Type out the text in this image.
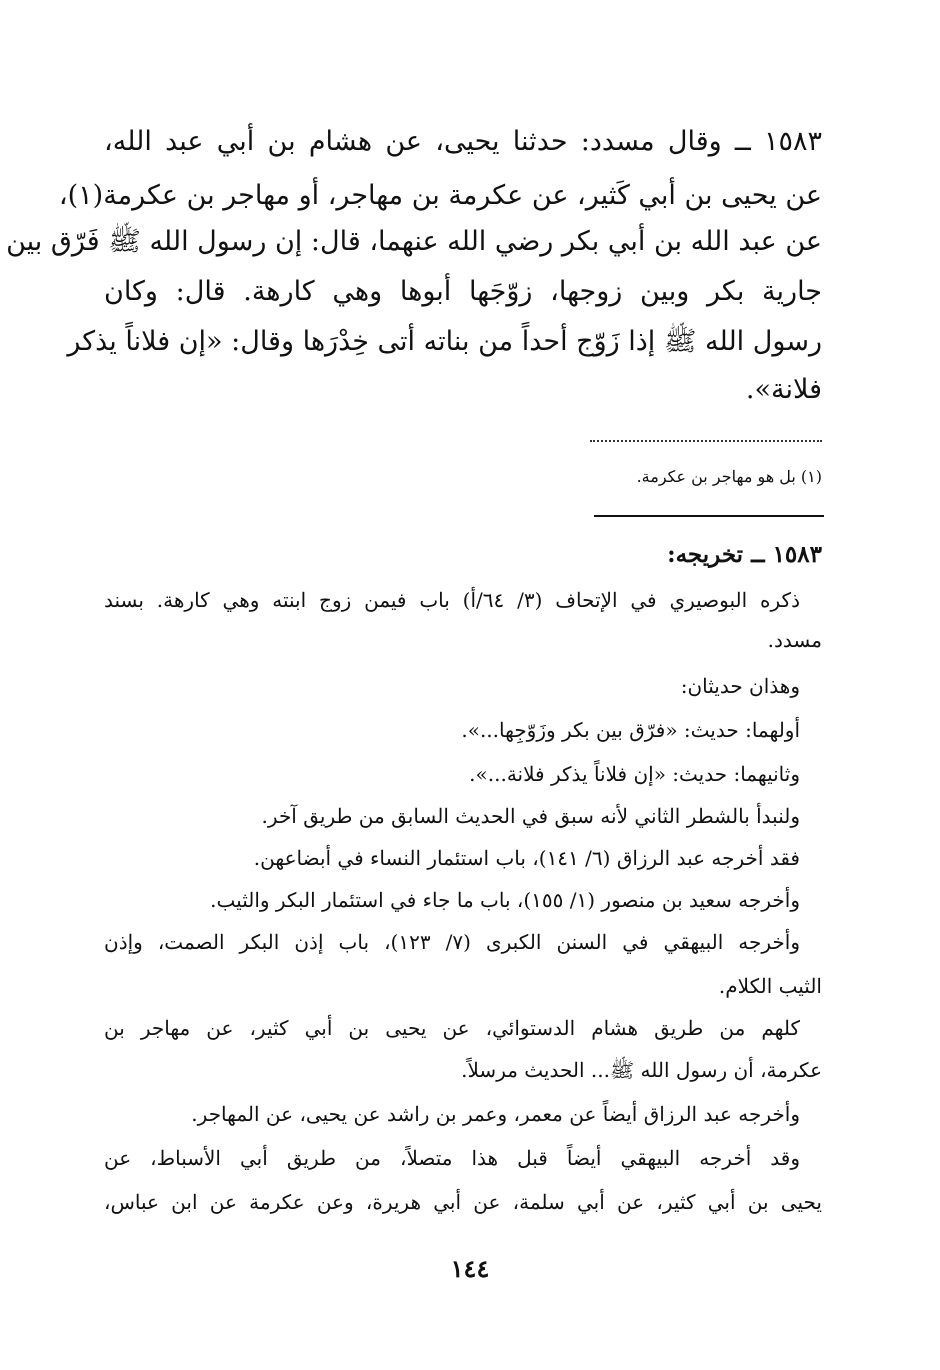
١٥٨٣ ــ وقال مسدد: حدثنا يحيى، عن هشام بن أبي عبد الله،
عن يحيى بن أبي كَثير، عن عكرمة بن مهاجر، أو مهاجر بن عكرمة(١)،
عن عبد الله بن أبي بكر رضي الله عنهما، قال: إن رسول الله ﷺ فَرّق بين
جارية بكر وبين زوجها، زوّجَها أبوها وهي كارهة. قال: وكان
رسول الله ﷺ إذا زَوّج أحداً من بناته أتى خِدْرَها وقال: «إن فلاناً يذكر
فلانة».
(١) بل هو مهاجر بن عكرمة.
١٥٨٣ ــ تخريجه:
ذكره البوصيري في الإتحاف (٣/ ٦٤/أ) باب فيمن زوج ابنته وهي كارهة. بسند
مسدد.
وهذان حديثان:
أولهما: حديث: «فرّق بين بكر وزَوّجِها...».
وثانيهما: حديث: «إن فلاناً يذكر فلانة...».
ولنبدأ بالشطر الثاني لأنه سبق في الحديث السابق من طريق آخر.
فقد أخرجه عبد الرزاق (٦/ ١٤١)، باب استئمار النساء في أبضاعهن.
وأخرجه سعيد بن منصور (١/ ١٥٥)، باب ما جاء في استئمار البكر والثيب.
وأخرجه البيهقي في السنن الكبرى (٧/ ١٢٣)، باب إذن البكر الصمت، وإذن
الثيب الكلام.
كلهم من طريق هشام الدستوائي، عن يحيى بن أبي كثير، عن مهاجر بن
عكرمة، أن رسول الله ﷺ... الحديث مرسلاً.
وأخرجه عبد الرزاق أيضاً عن معمر، وعمر بن راشد عن يحيى، عن المهاجر.
وقد أخرجه البيهقي أيضاً قبل هذا متصلاً، من طريق أبي الأسباط، عن
يحيى بن أبي كثير، عن أبي سلمة، عن أبي هريرة، وعن عكرمة عن ابن عباس،
١٤٤
